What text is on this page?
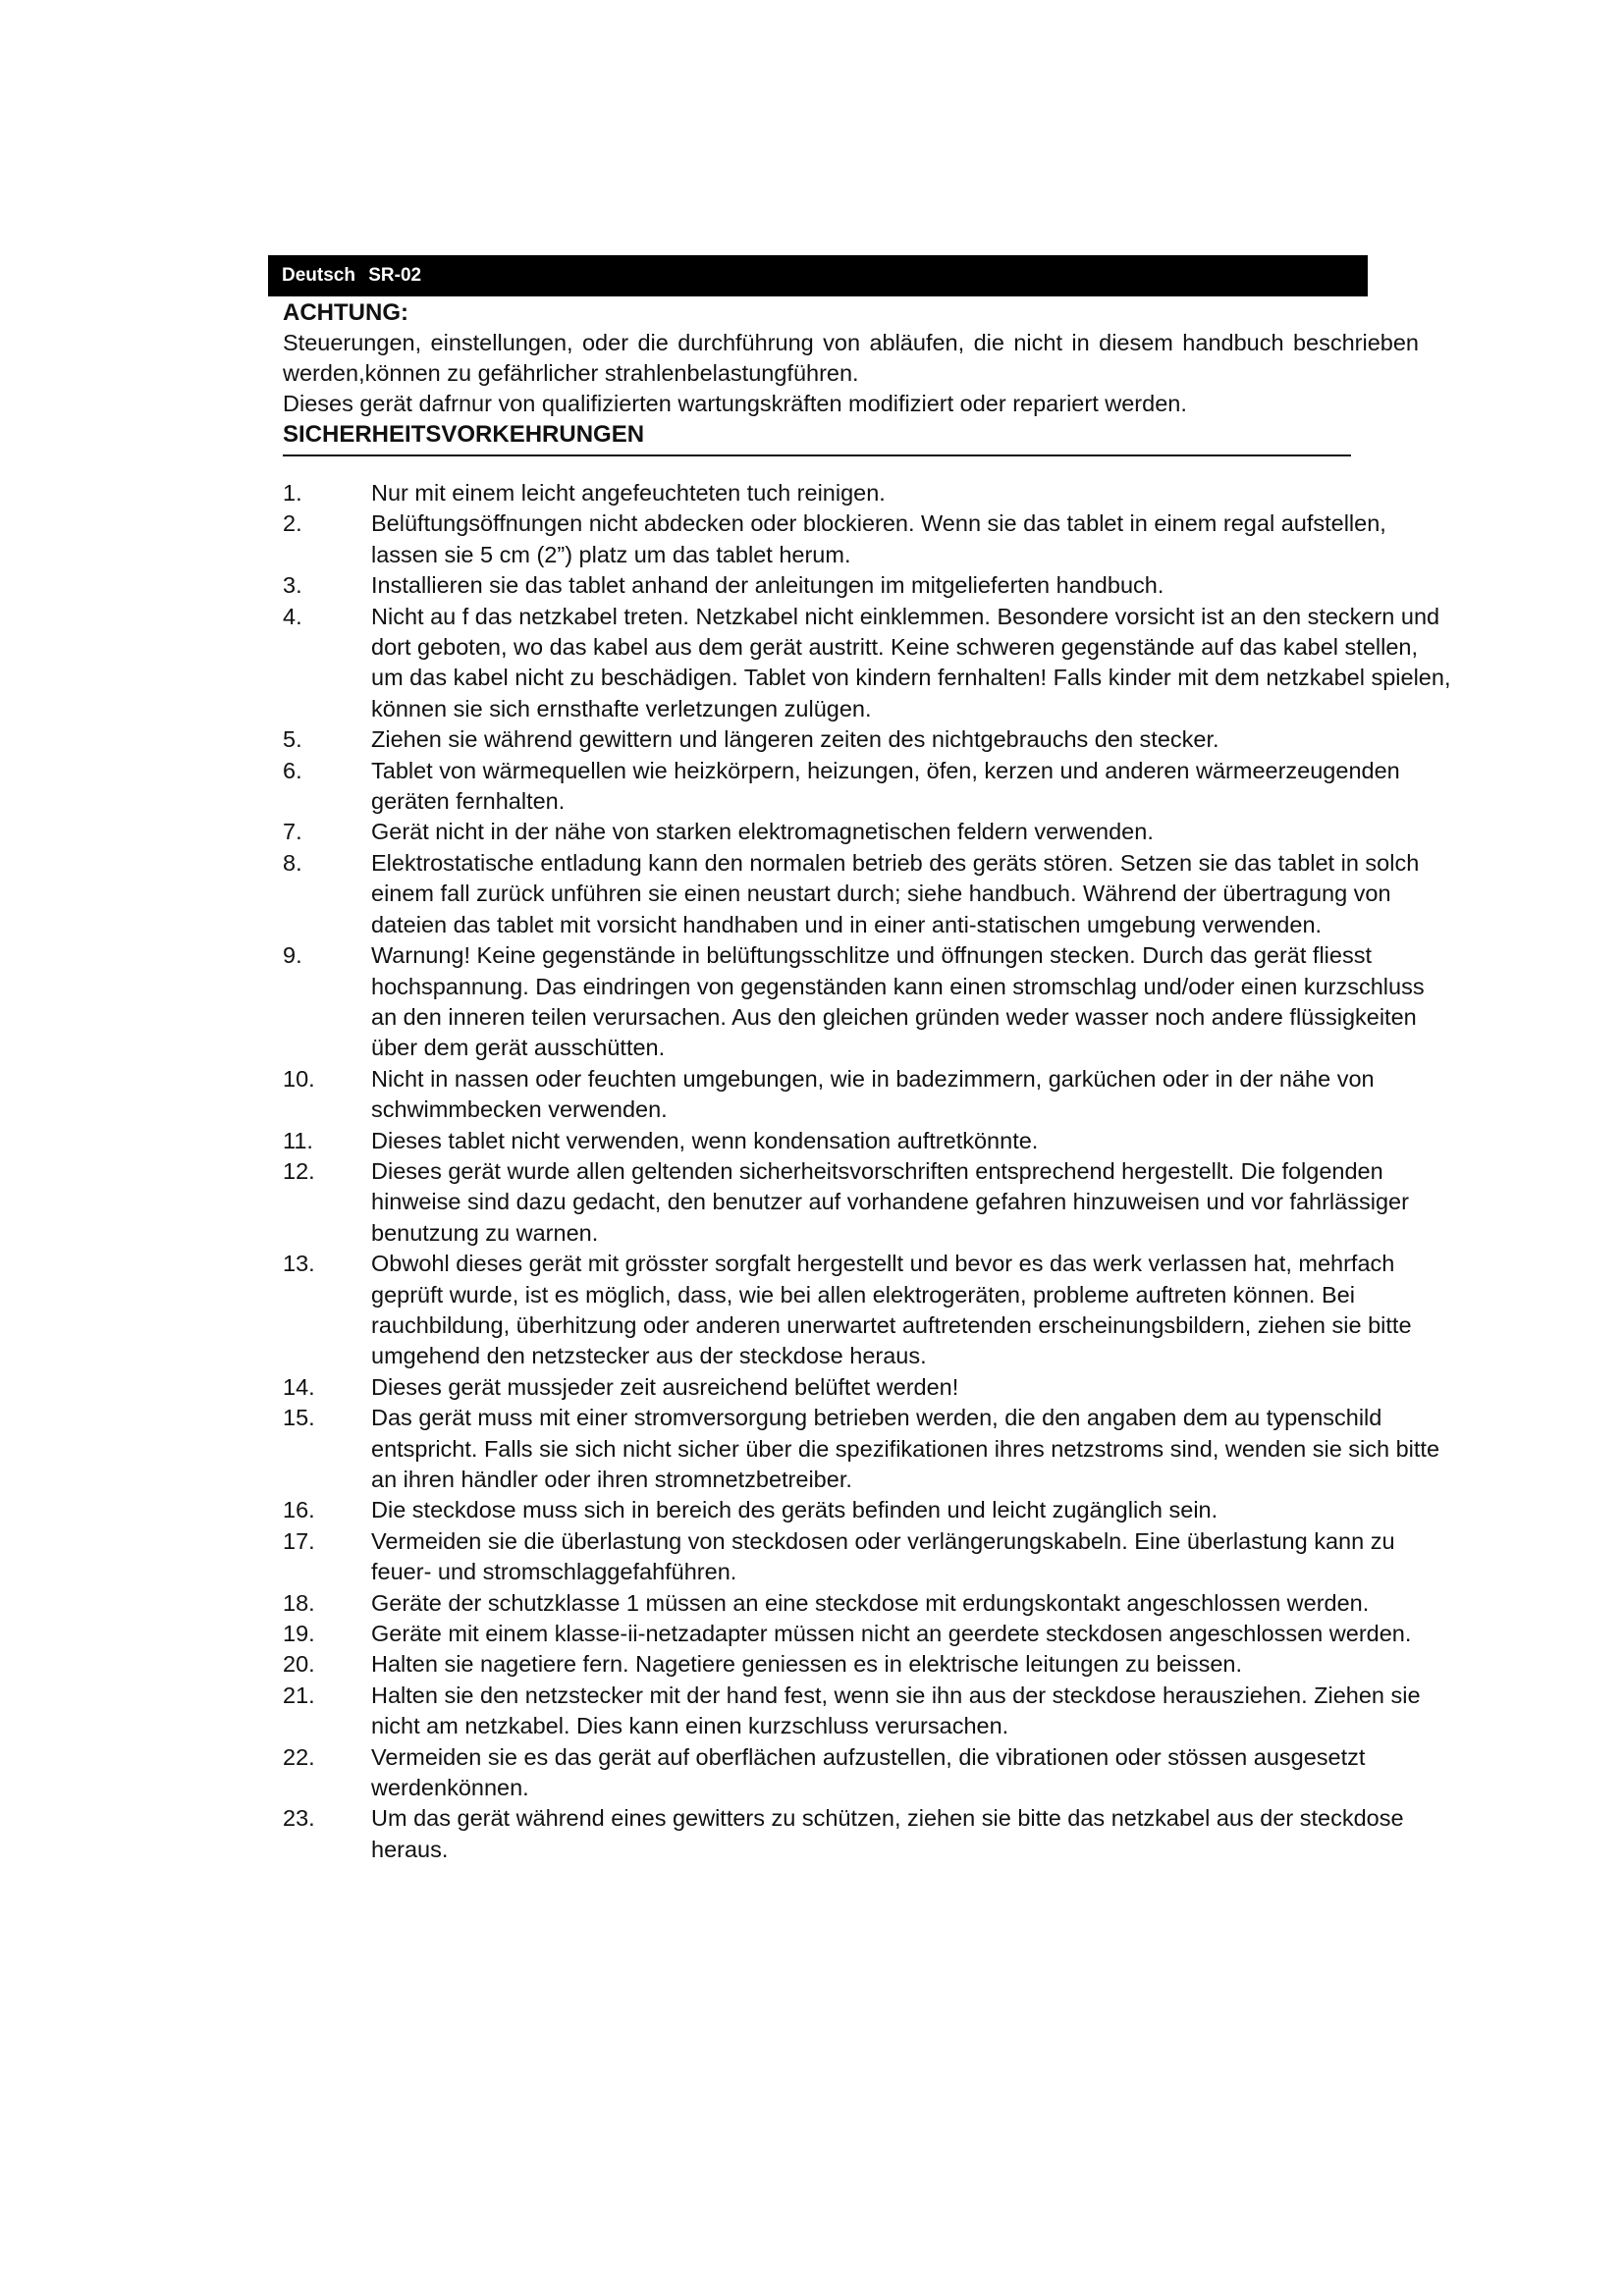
Deutsch SR-02

ACHTUNG:

Steuerungen, einstellungen, oder die durchführung von abläufen, die nicht in diesem handbuch beschrieben werden,können zu gefährlicher strahlenbelastungführen.

Dieses gerät dafrnur von qualifizierten wartungskräften modifiziert oder repariert werden.

SICHERHEITSVORKEHRUNGEN

1.	Nur mit einem leicht angefeuchteten tuch reinigen.
2.	Belüftungsöffnungen nicht abdecken oder blockieren. Wenn sie das tablet in einem regal aufstellen, lassen sie 5 cm (2”) platz um das tablet herum.
3.	Installieren sie das tablet anhand der anleitungen im mitgelieferten handbuch.
4.	Nicht au f das netzkabel treten. Netzkabel nicht einklemmen. Besondere vorsicht ist an den steckern und dort geboten, wo das kabel aus dem gerät austritt. Keine schweren gegenstände auf das kabel stellen, um das kabel nicht zu beschädigen. Tablet von kindern fernhalten! Falls kinder mit dem netzkabel spielen, können sie sich ernsthafte verletzungen zulügen.
5.	Ziehen sie während gewittern und längeren zeiten des nichtgebrauchs den stecker.
6.	Tablet von wärmequellen wie heizkörpern, heizungen, öfen, kerzen und anderen wärmeerzeugenden geräten fernhalten.
7.	Gerät nicht in der nähe von starken elektromagnetischen feldern verwenden.
8.	Elektrostatische entladung kann den normalen betrieb des geräts stören. Setzen sie das tablet in solch einem fall zurück unführen sie einen neustart durch; siehe handbuch. Während der übertragung von dateien das tablet mit vorsicht handhaben und in einer anti-statischen umgebung verwenden.
9.	Warnung! Keine gegenstände in belüftungsschlitze und öffnungen stecken. Durch das gerät fliesst hochspannung. Das eindringen von gegenständen kann einen stromschlag und/oder einen kurzschluss an den inneren teilen verursachen. Aus den gleichen gründen weder wasser noch andere flüssigkeiten über dem gerät ausschütten.
10. Nicht in nassen oder feuchten umgebungen, wie in badezimmern, garküchen oder in der nähe von schwimmbecken verwenden.
11.	Dieses tablet nicht verwenden, wenn kondensation auftretkönnte.
12. Dieses gerät wurde allen geltenden sicherheitsvorschriften entsprechend hergestellt. Die folgenden hinweise sind dazu gedacht, den benutzer auf vorhandene gefahren hinzuweisen und vor fahrlässiger benutzung zu warnen.
13. Obwohl dieses gerät mit grösster sorgfalt hergestellt und bevor es das werk verlassen hat, mehrfach geprüft wurde, ist es möglich, dass, wie bei allen elektrogeräten, probleme auftreten können. Bei rauchbildung, überhitzung oder anderen unerwartet auftretenden erscheinungsbildern, ziehen sie bitte umgehend den netzstecker aus der steckdose heraus.
14. Dieses gerät mussjeder zeit ausreichend belüftet werden!
15. Das gerät muss mit einer stromversorgung betrieben werden, die den angaben dem au typenschild entspricht. Falls sie sich nicht sicher über die spezifikationen ihres netzstroms sind, wenden sie sich bitte an ihren händler oder ihren stromnetzbetreiber.
16. Die steckdose muss sich in bereich des geräts befinden und leicht zugänglich sein.
17. Vermeiden sie die überlastung von steckdosen oder verlängerungskabeln. Eine überlastung kann zu feuer- und stromschlaggefahführen.
18. Geräte der schutzklasse 1 müssen an eine steckdose mit erdungskontakt angeschlossen werden.
19. Geräte mit einem klasse-ii-netzadapter müssen nicht an geerdete steckdosen angeschlossen werden.
20. Halten sie nagetiere fern. Nagetiere geniessen es in elektrische leitungen zu beissen.
21. Halten sie den netzstecker mit der hand fest, wenn sie ihn aus der steckdose herausziehen. Ziehen sie nicht am netzkabel. Dies kann einen kurzschluss verursachen.
22. Vermeiden sie es das gerät auf oberflächen aufzustellen, die vibrationen oder stössen ausgesetzt werdenkönnen.
23. Um das gerät während eines gewitters zu schützen, ziehen sie bitte das netzkabel aus der steckdose heraus.
